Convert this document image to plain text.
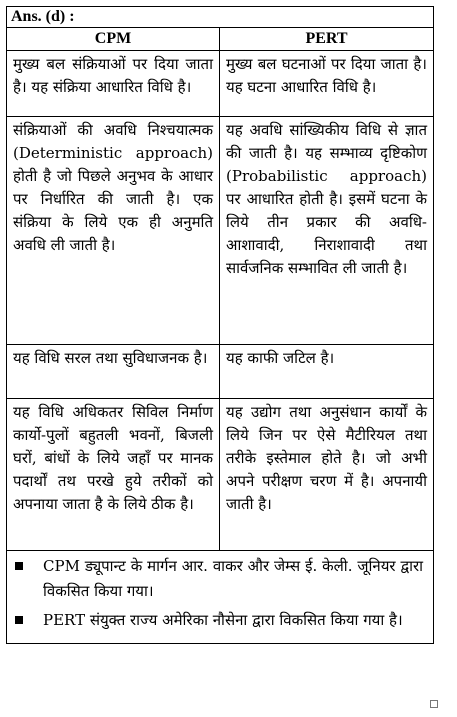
Ans. (d) :	
CPM	PERT
मुख्य बल संक्रियाओं पर दिया जाता है। यह संक्रिया आधारित विधि है।	मुख्य बल घटनाओं पर दिया जाता है। यह घटना आधारित विधि है।
संक्रियाओं की अवधि निश्चयात्मक (Deterministic approach) होती है जो पिछले अनुभव के आधार पर निर्धारित की जाती है। एक संक्रिया के लिये एक ही अनुमति अवधि ली जाती है।	यह अवधि सांख्यिकीय विधि से ज्ञात की जाती है। यह सम्भाव्य दृष्टिकोण (Probabilistic approach) पर आधारित होती है। इसमें घटना के लिये तीन प्रकार की अवधि-आशावादी, निराशावादी तथा सार्वजनिक सम्भावित ली जाती है।
यह विधि सरल तथा सुविधाजनक है।	यह काफी जटिल है।
यह विधि अधिकतर सिविल निर्माण कार्यो-पुलों बहुतली भवनों, बिजली घरों, बांधों के लिये जहाँ पर मानक पदार्थों तथ परखे हुये तरीकों को अपनाया जाता है के लिये ठीक है।	यह उद्योग तथा अनुसंधान कार्यों के लिये जिन पर ऐसे मैटीरियल तथा तरीके इस्तेमाल होते है। जो अभी अपने परीक्षण चरण में है। अपनायी जाती है।

CPM ड्यूपान्ट के मार्गन आर. वाकर और जेम्स ई. केली. जूनियर द्वारा विकसित किया गया।
PERT संयुक्त राज्य अमेरिका नौसेना द्वारा विकसित किया गया है।	
